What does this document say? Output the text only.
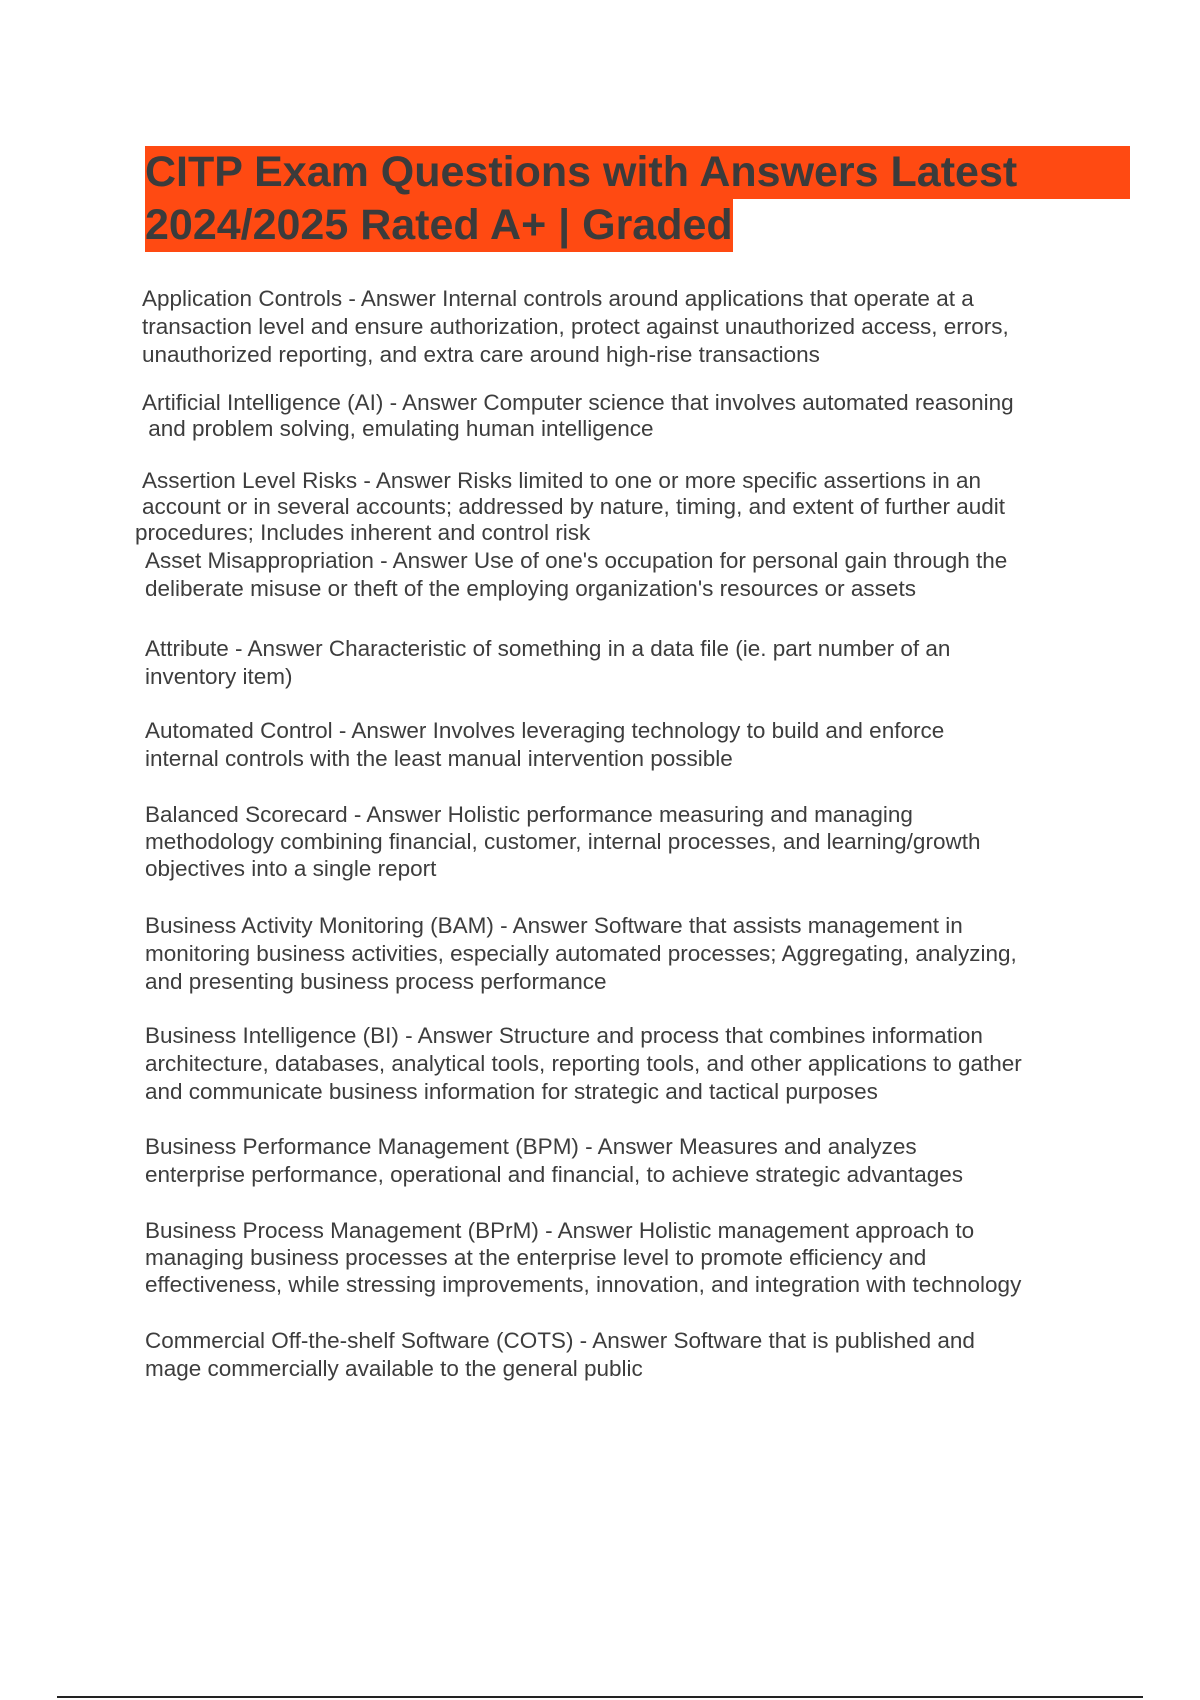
CITP Exam Questions with Answers Latest
2024/2025 Rated A+ | Graded

Application Controls - Answer Internal controls around applications that operate at a
transaction level and ensure authorization, protect against unauthorized access, errors,
unauthorized reporting, and extra care around high-rise transactions

Artificial Intelligence (AI) - Answer Computer science that involves automated reasoning
and problem solving, emulating human intelligence

Assertion Level Risks - Answer Risks limited to one or more specific assertions in an
account or in several accounts; addressed by nature, timing, and extent of further audit
procedures; Includes inherent and control risk

Asset Misappropriation - Answer Use of one's occupation for personal gain through the
deliberate misuse or theft of the employing organization's resources or assets

Attribute - Answer Characteristic of something in a data file (ie. part number of an
inventory item)

Automated Control - Answer Involves leveraging technology to build and enforce
internal controls with the least manual intervention possible

Balanced Scorecard - Answer Holistic performance measuring and managing
methodology combining financial, customer, internal processes, and learning/growth
objectives into a single report

Business Activity Monitoring (BAM) - Answer Software that assists management in
monitoring business activities, especially automated processes; Aggregating, analyzing,
and presenting business process performance

Business Intelligence (BI) - Answer Structure and process that combines information
architecture, databases, analytical tools, reporting tools, and other applications to gather
and communicate business information for strategic and tactical purposes

Business Performance Management (BPM) - Answer Measures and analyzes
enterprise performance, operational and financial, to achieve strategic advantages

Business Process Management (BPrM) - Answer Holistic management approach to
managing business processes at the enterprise level to promote efficiency and
effectiveness, while stressing improvements, innovation, and integration with technology

Commercial Off-the-shelf Software (COTS) - Answer Software that is published and
mage commercially available to the general public
